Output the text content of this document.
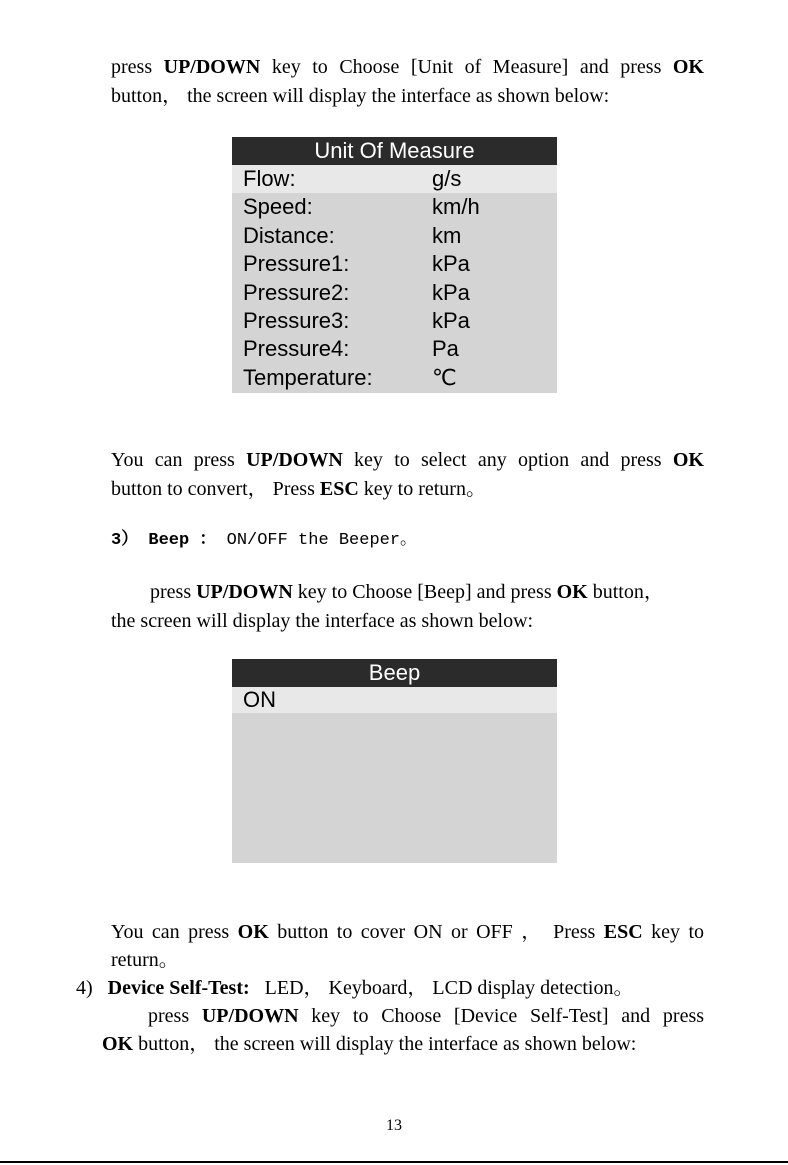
press UP/DOWN key to Choose [Unit of Measure] and press OK

button， the screen will display the interface as shown below:

Unit Of Measure
Flow:	g/s
Speed:	km/h
Distance:	km
Pressure1:	kPa
Pressure2:	kPa
Pressure3:	kPa
Pressure4:	Pa
Temperature:	℃

You can press UP/DOWN key to select any option and press OK

button to convert， Press ESC key to return。

3） Beep ： ON/OFF the Beeper。

press UP/DOWN key to Choose [Beep] and press OK button，

the screen will display the interface as shown below:

Beep
ON

You can press OK button to cover ON or OFF ， Press ESC key to

return。

4) Device Self-Test:   LED， Keyboard， LCD display detection。

press UP/DOWN key to Choose [Device Self-Test] and press

OK button， the screen will display the interface as shown below:

13
